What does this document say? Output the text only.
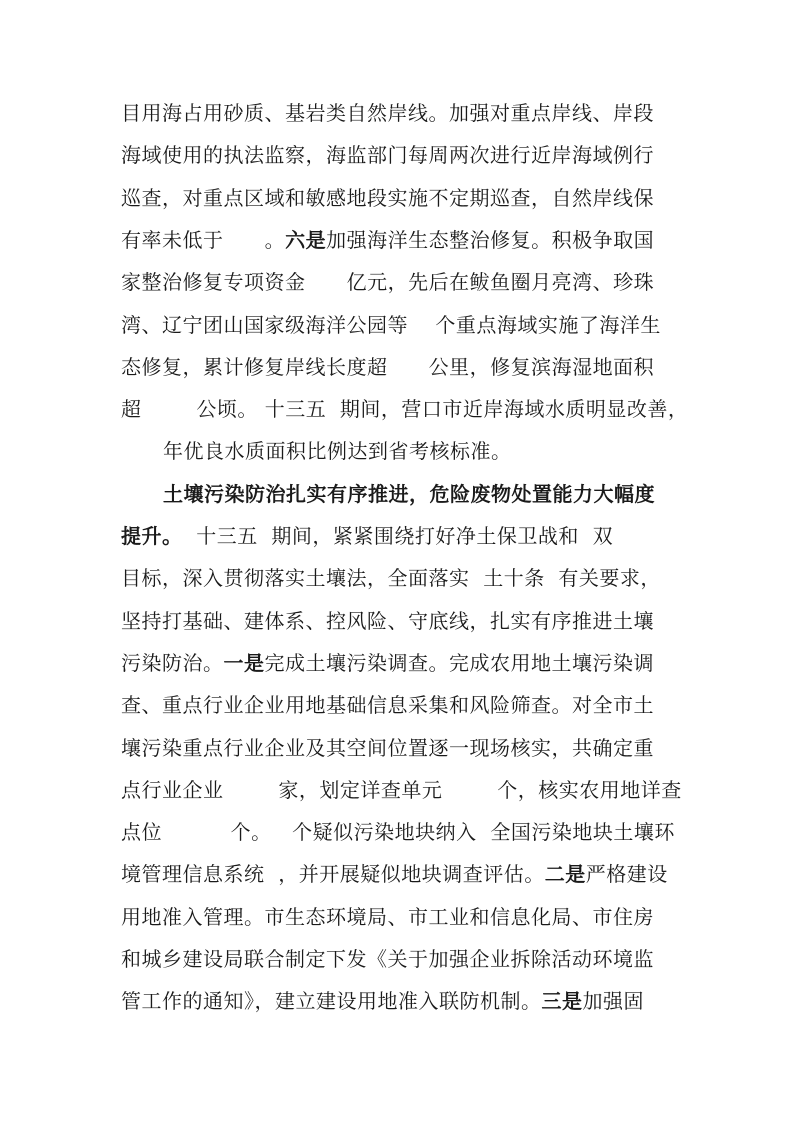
目用海占用砂质、基岩类自然岸线。加强对重点岸线、岸段
海域使用的执法监察，海监部门每周两次进行近岸海域例行
巡查，对重点区域和敏感地段实施不定期巡查，自然岸线保
有率未低于      。六是加强海洋生态整治修复。积极争取国
家整治修复专项资金      亿元，先后在鲅鱼圈月亮湾、珍珠
湾、辽宁团山国家级海洋公园等    个重点海域实施了海洋生
态修复，累计修复岸线长度超      公里，修复滨海湿地面积
超        公顷。 十三五  期间，营口市近岸海域水质明显改善，
年优良水质面积比例达到省考核标准。
土壤污染防治扎实有序推进，危险废物处置能力大幅度
提升。  十三五  期间，紧紧围绕打好净土保卫战和  双
目标，深入贯彻落实土壤法，全面落实  土十条  有关要求，
坚持打基础、建体系、控风险、守底线，扎实有序推进土壤
污染防治。一是完成土壤污染调查。完成农用地土壤污染调
查、重点行业企业用地基础信息采集和风险筛查。对全市土
壤污染重点行业企业及其空间位置逐一现场核实，共确定重
点行业企业        家，划定详查单元        个，核实农用地详查
点位          个。   个疑似污染地块纳入  全国污染地块土壤环
境管理信息系统  ，并开展疑似地块调查评估。二是严格建设
用地准入管理。市生态环境局、市工业和信息化局、市住房
和城乡建设局联合制定下发《关于加强企业拆除活动环境监
管工作的通知》，建立建设用地准入联防机制。三是加强固
